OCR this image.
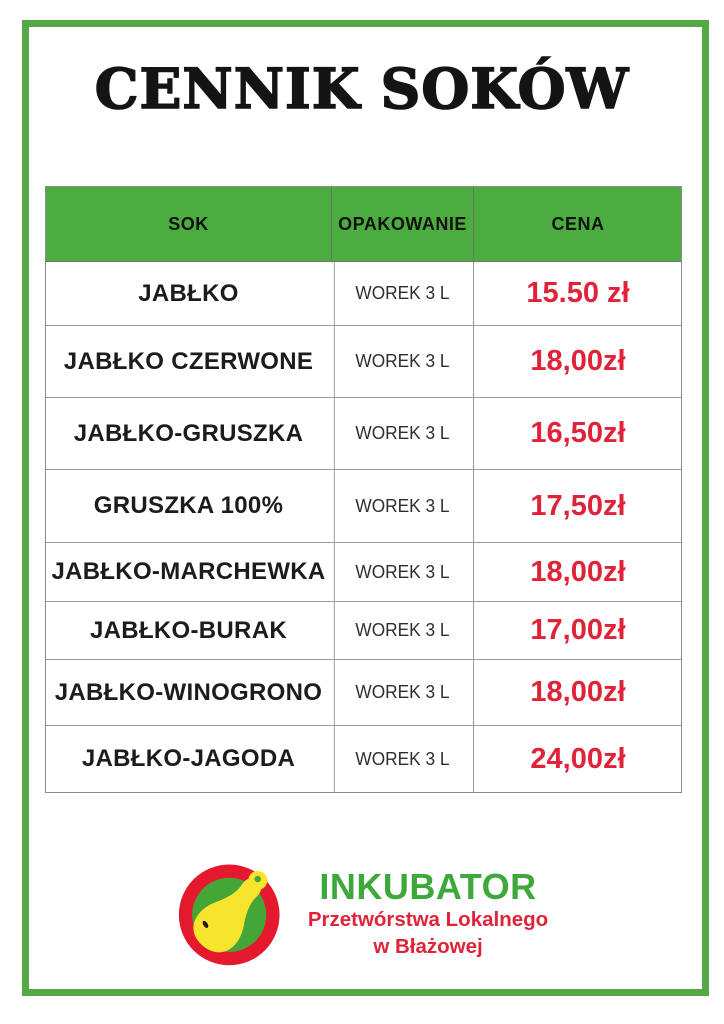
CENNIK SOKÓW
SOK	OPAKOWANIE	CENA
JABŁKO	WOREK 3 L	15.50 zł
JABŁKO CZERWONE	WOREK 3 L	18,00zł
JABŁKO-GRUSZKA	WOREK 3 L	16,50zł
GRUSZKA 100%	WOREK 3 L	17,50zł
JABŁKO-MARCHEWKA	WOREK 3 L	18,00zł
JABŁKO-BURAK	WOREK 3 L	17,00zł
JABŁKO-WINOGRONO	WOREK 3 L	18,00zł
JABŁKO-JAGODA	WOREK 3 L	24,00zł
INKUBATOR
Przetwórstwa Lokalnego
w Błażowej
